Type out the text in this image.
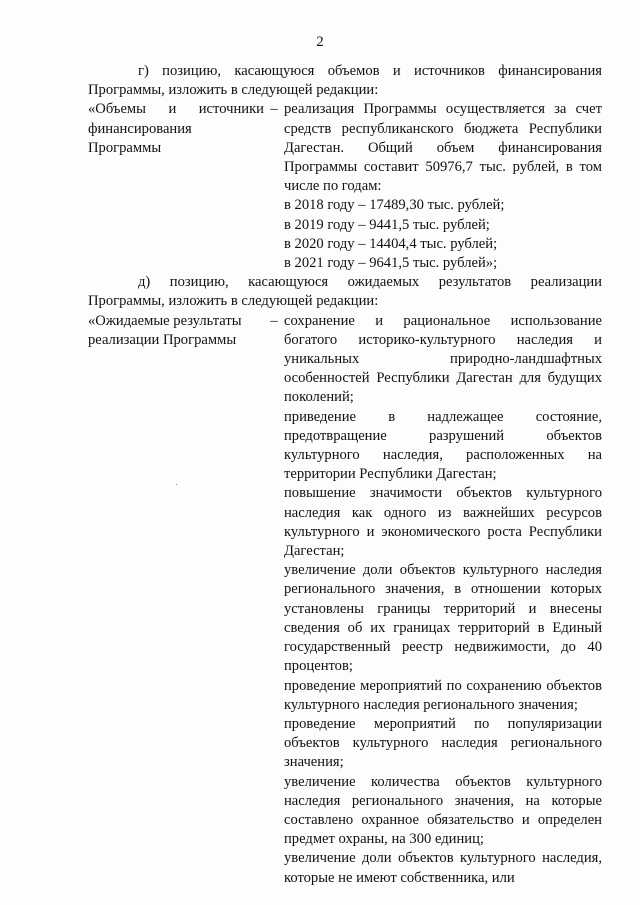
2

г) позицию, касающуюся объемов и источников финансирования Программы, изложить в следующей редакции:

«Объемы и источники финансирования Программы
– реализация Программы осуществляется за счет средств республиканского бюджета Республики Дагестан. Общий объем финансирования Программы составит 50976,7 тыс. рублей, в том числе по годам:

в 2018 году – 17489,30 тыс. рублей;

в 2019 году – 9441,5 тыс. рублей;

в 2020 году – 14404,4 тыс. рублей;

в 2021 году – 9641,5 тыс. рублей»;

д) позицию, касающуюся ожидаемых результатов реализации Программы, изложить в следующей редакции:

«Ожидаемые результаты реализации Программы
– сохранение и рациональное использование богатого историко-культурного наследия и уникальных природно-ландшафтных особенностей Республики Дагестан для будущих поколений;

приведение в надлежащее состояние, предотвращение разрушений объектов культурного наследия, расположенных на территории Республики Дагестан;

повышение значимости объектов культурного наследия как одного из важнейших ресурсов культурного и экономического роста Республики Дагестан;

увеличение доли объектов культурного наследия регионального значения, в отношении которых установлены границы территорий и внесены сведения об их границах территорий в Единый государственный реестр недвижимости, до 40 процентов;

проведение мероприятий по сохранению объектов культурного наследия регионального значения;

проведение мероприятий по популяризации объектов культурного наследия регионального значения;

увеличение количества объектов культурного наследия регионального значения, на которые составлено охранное обязательство и определен предмет охраны, на 300 единиц;

увеличение доли объектов культурного наследия, которые не имеют собственника, или
